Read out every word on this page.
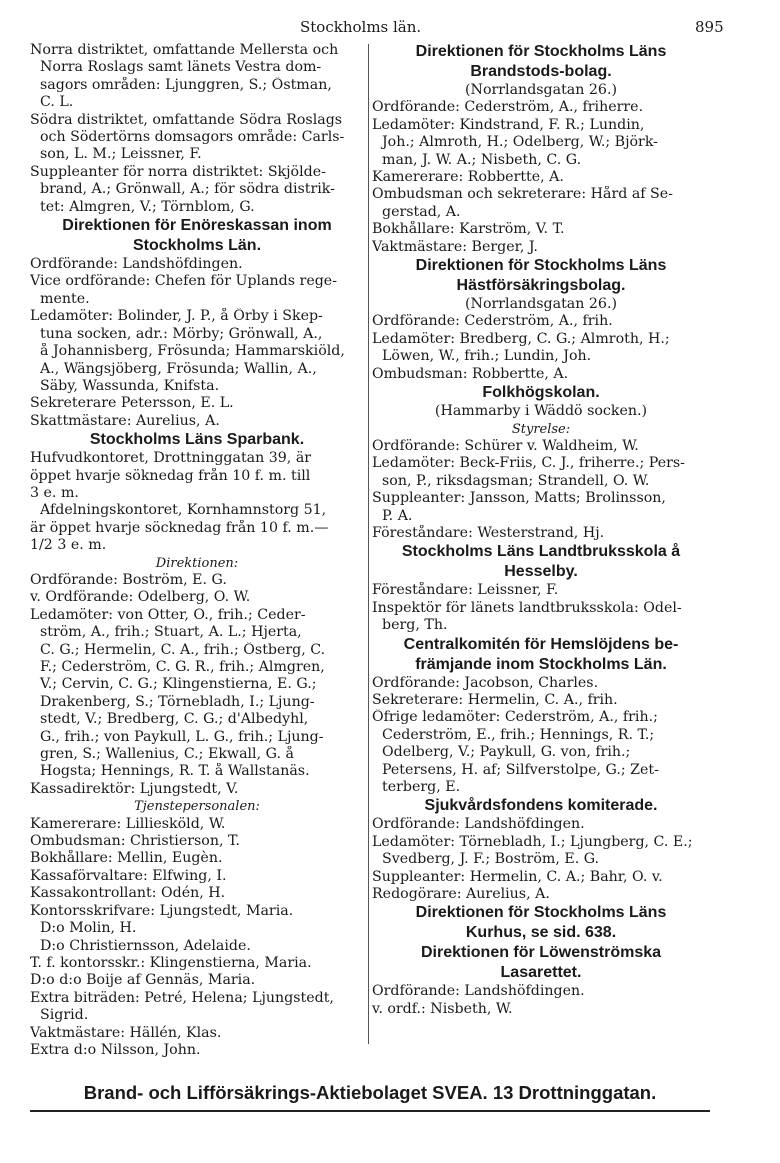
Stockholms län.	895
Norra distriktet, omfattande Mellersta och
Norra Roslags samt länets Vestra dom-
sagors områden: Ljunggren, S.; Östman,
C. L.
Södra distriktet, omfattande Södra Roslags
och Södertörns domsagors område: Carls-
son, L. M.; Leissner, F.
Suppleanter för norra distriktet: Skjölde-
brand, A.; Grönwall, A.; för södra distrik-
tet: Almgren, V.; Törnblom, G.
Direktionen för Enöreskassan inom
Stockholms Län.
Ordförande: Landshöfdingen.
Vice ordförande: Chefen för Uplands rege-
mente.
Ledamöter: Bolinder, J. P., å Örby i Skep-
tuna socken, adr.: Mörby; Grönwall, A.,
å Johannisberg, Frösunda; Hammarskiöld,
A., Wängsjöberg, Frösunda; Wallin, A.,
Säby, Wassunda, Knifsta.
Sekreterare Petersson, E. L.
Skattmästare: Aurelius, A.
Stockholms Läns Sparbank.
Hufvudkontoret, Drottninggatan 39, är
öppet hvarje söknedag från 10 f. m. till
3 e. m.
Afdelningskontoret, Kornhamnstorg 51,
är öppet hvarje söcknedag från 10 f. m.—
1/2 3 e. m.
Direktionen:
Ordförande: Boström, E. G.
v. Ordförande: Odelberg, O. W.
Ledamöter: von Otter, O., frih.; Ceder-
ström, A., frih.; Stuart, A. L.; Hjerta,
C. G.; Hermelin, C. A., frih.; Östberg, C.
F.; Cederström, C. G. R., frih.; Almgren,
V.; Cervin, C. G.; Klingenstierna, E. G.;
Drakenberg, S.; Törnebladh, I.; Ljung-
stedt, V.; Bredberg, C. G.; d'Albedyhl,
G., frih.; von Paykull, L. G., frih.; Ljung-
gren, S.; Wallenius, C.; Ekwall, G. å
Hogsta; Hennings, R. T. å Wallstanäs.
Kassadirektör: Ljungstedt, V.
Tjenstepersonalen:
Kamererare: Lilliesköld, W.
Ombudsman: Christierson, T.
Bokhållare: Mellin, Eugèn.
Kassaförvaltare: Elfwing, I.
Kassakontrollant: Odén, H.
Kontorsskrifvare: Ljungstedt, Maria.
D:o Molin, H.
D:o Christiernsson, Adelaide.
T. f. kontorsskr.: Klingenstierna, Maria.
D:o d:o Boije af Gennäs, Maria.
Extra biträden: Petré, Helena; Ljungstedt,
Sigrid.
Vaktmästare: Hällén, Klas.
Extra d:o Nilsson, John.
Direktionen för Stockholms Läns
Brandstods-bolag.
(Norrlandsgatan 26.)
Ordförande: Cederström, A., friherre.
Ledamöter: Kindstrand, F. R.; Lundin,
Joh.; Almroth, H.; Odelberg, W.; Björk-
man, J. W. A.; Nisbeth, C. G.
Kamererare: Robbertte, A.
Ombudsman och sekreterare: Hård af Se-
gerstad, A.
Bokhållare: Karström, V. T.
Vaktmästare: Berger, J.
Direktionen för Stockholms Läns
Hästförsäkringsbolag.
(Norrlandsgatan 26.)
Ordförande: Cederström, A., frih.
Ledamöter: Bredberg, C. G.; Almroth, H.;
Löwen, W., frih.; Lundin, Joh.
Ombudsman: Robbertte, A.
Folkhögskolan.
(Hammarby i Wäddö socken.)
Styrelse:
Ordförande: Schürer v. Waldheim, W.
Ledamöter: Beck-Friis, C. J., friherre.; Pers-
son, P., riksdagsman; Strandell, O. W.
Suppleanter: Jansson, Matts; Brolinsson,
P. A.
Föreståndare: Westerstrand, Hj.
Stockholms Läns Landtbruksskola å
Hesselby.
Föreståndare: Leissner, F.
Inspektör för länets landtbruksskola: Odel-
berg, Th.
Centralkomitén för Hemslöjdens be-
främjande inom Stockholms Län.
Ordförande: Jacobson, Charles.
Sekreterare: Hermelin, C. A., frih.
Öfrige ledamöter: Cederström, A., frih.;
Cederström, E., frih.; Hennings, R. T.;
Odelberg, V.; Paykull, G. von, frih.;
Petersens, H. af; Silfverstolpe, G.; Zet-
terberg, E.
Sjukvårdsfondens komiterade.
Ordförande: Landshöfdingen.
Ledamöter: Törnebladh, I.; Ljungberg, C. E.;
Svedberg, J. F.; Boström, E. G.
Suppleanter: Hermelin, C. A.; Bahr, O. v.
Redogörare: Aurelius, A.
Direktionen för Stockholms Läns
Kurhus, se sid. 638.
Direktionen för Löwenströmska
Lasarettet.
Ordförande: Landshöfdingen.
v. ordf.: Nisbeth, W.
Brand- och Lifförsäkrings-Aktiebolaget SVEA. 13 Drottninggatan.
